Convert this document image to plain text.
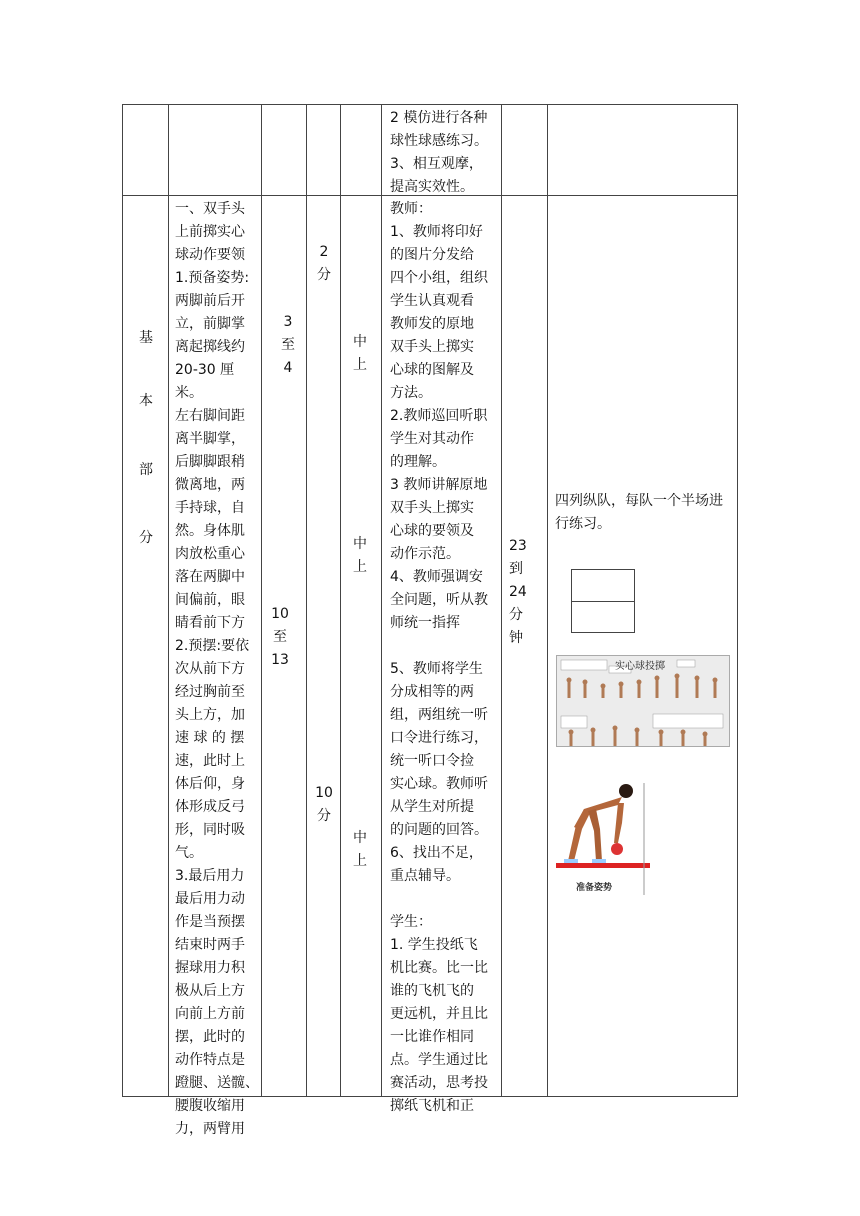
2 模仿进行各种
球性球感练习。
3、相互观摩，
提高实效性。
基
本
部
分
一、双手头
上前掷实心
球动作要领
1.预备姿势:
两脚前后开
立，前脚掌
离起掷线约
20-30 厘米。
左右脚间距
离半脚掌，
后脚脚跟稍
微离地，两
手持球，自
然。身体肌
肉放松重心
落在两脚中
间偏前，眼
睛看前下方
2.预摆:要依
次从前下方
经过胸前至
头上方，加
速 球 的 摆
速，此时上
体后仰，身
体形成反弓
形，同时吸
气。
3.最后用力
最后用力动
作是当预摆
结束时两手
握球用力积
极从后上方
向前上方前
摆，此时的
动作特点是
蹬腿、送髋、
腰腹收缩用
力，两臂用
3
至
4
10
至
13
2
分
10
分
中
上
中
上
中
上
教师：
1、教师将印好
的图片分发给
四个小组，组织
学生认真观看
教师发的原地
双手头上掷实
心球的图解及
方法。
2.教师巡回听职
学生对其动作
的理解。
3 教师讲解原地
双手头上掷实
心球的要领及
动作示范。
4、教师强调安
全问题，听从教
师统一指挥

5、教师将学生
分成相等的两
组，两组统一听
口令进行练习，
统一听口令捡
实心球。教师听
从学生对所提
的问题的回答。
6、找出不足，
重点辅导。

学生：
1. 学生投纸飞
机比赛。比一比
谁的飞机飞的
更远机，并且比
一比谁作相同
点。学生通过比
赛活动，思考投
掷纸飞机和正
23
到
24
分
钟
四列纵队，每队一个半场进
行练习。
实心球投掷
准备姿势
